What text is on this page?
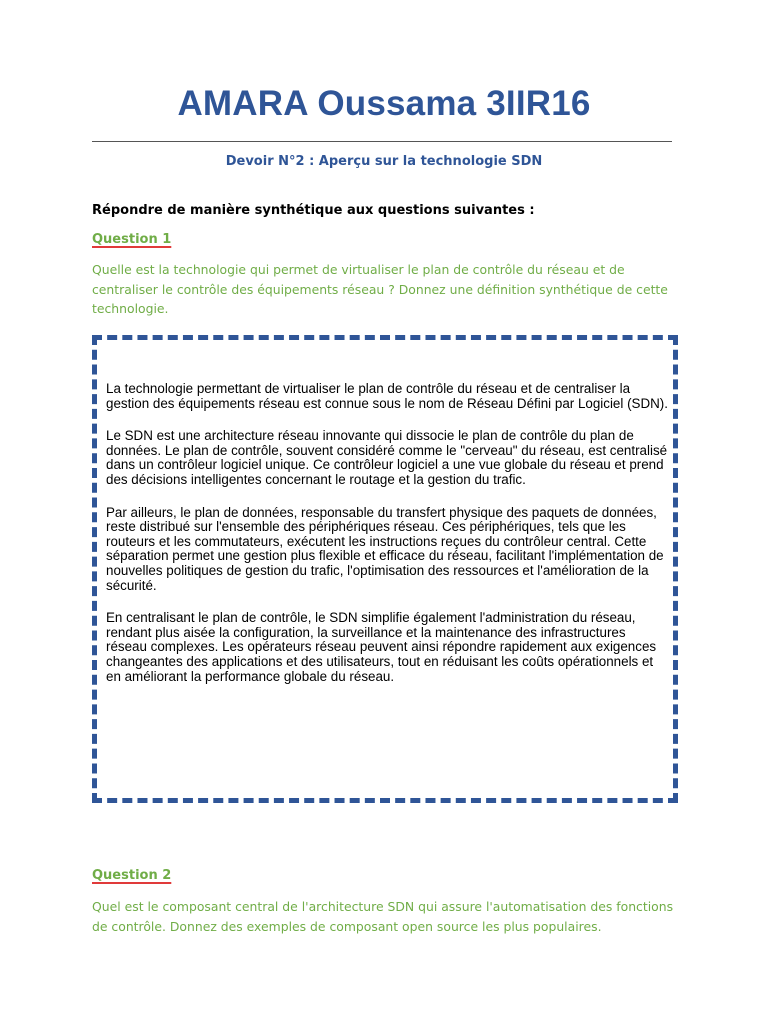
AMARA Oussama 3IIR16
Devoir N°2 : Aperçu sur la technologie SDN
Répondre de manière synthétique aux questions suivantes :
Question 1
Quelle est la technologie qui permet de virtualiser le plan de contrôle du réseau et de centraliser le contrôle des équipements réseau ? Donnez une définition synthétique de cette technologie.

La technologie permettant de virtualiser le plan de contrôle du réseau et de centraliser la gestion des équipements réseau est connue sous le nom de Réseau Défini par Logiciel (SDN).

Le SDN est une architecture réseau innovante qui dissocie le plan de contrôle du plan de données. Le plan de contrôle, souvent considéré comme le "cerveau" du réseau, est centralisé dans un contrôleur logiciel unique. Ce contrôleur logiciel a une vue globale du réseau et prend des décisions intelligentes concernant le routage et la gestion du trafic.

Par ailleurs, le plan de données, responsable du transfert physique des paquets de données, reste distribué sur l'ensemble des périphériques réseau. Ces périphériques, tels que les routeurs et les commutateurs, exécutent les instructions reçues du contrôleur central. Cette séparation permet une gestion plus flexible et efficace du réseau, facilitant l'implémentation de nouvelles politiques de gestion du trafic, l'optimisation des ressources et l'amélioration de la sécurité.

En centralisant le plan de contrôle, le SDN simplifie également l'administration du réseau, rendant plus aisée la configuration, la surveillance et la maintenance des infrastructures réseau complexes. Les opérateurs réseau peuvent ainsi répondre rapidement aux exigences changeantes des applications et des utilisateurs, tout en réduisant les coûts opérationnels et en améliorant la performance globale du réseau.

Question 2
Quel est le composant central de l'architecture SDN qui assure l'automatisation des fonctions de contrôle. Donnez des exemples de composant open source les plus populaires.
